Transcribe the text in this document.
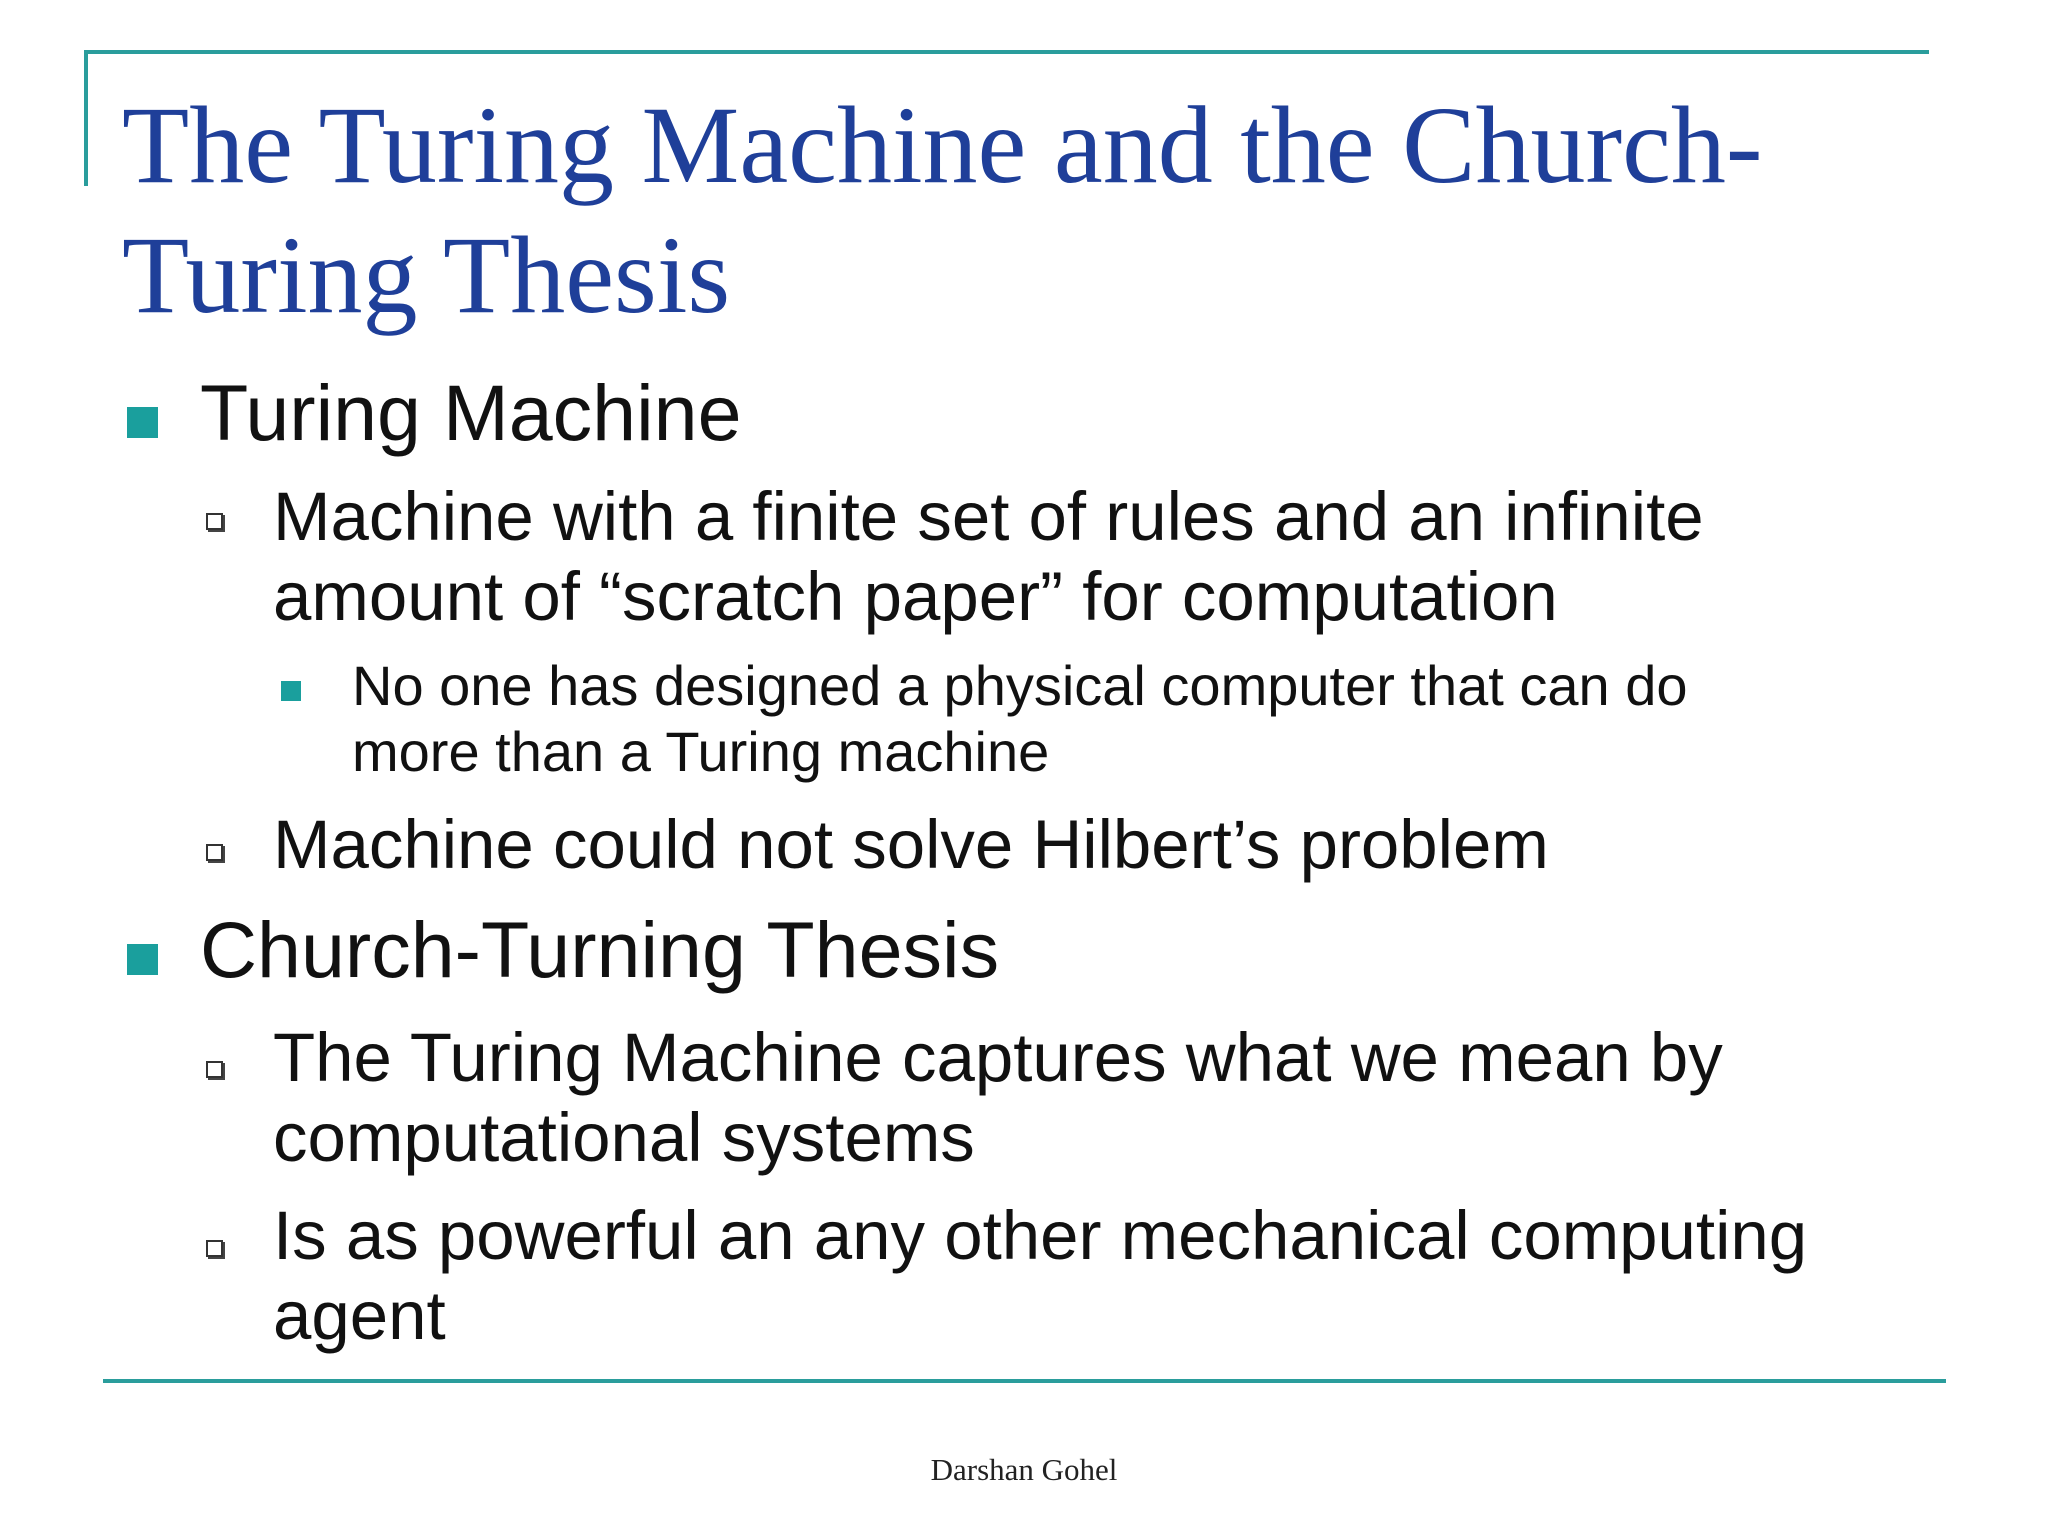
The Turing Machine and the Church-
Turing Thesis
Turing Machine
Machine with a finite set of rules and an infinite
amount of “scratch paper” for computation
No one has designed a physical computer that can do
more than a Turing machine
Machine could not solve Hilbert’s problem
Church-Turning Thesis
The Turing Machine captures what we mean by
computational systems
Is as powerful an any other mechanical computing
agent
Darshan Gohel
